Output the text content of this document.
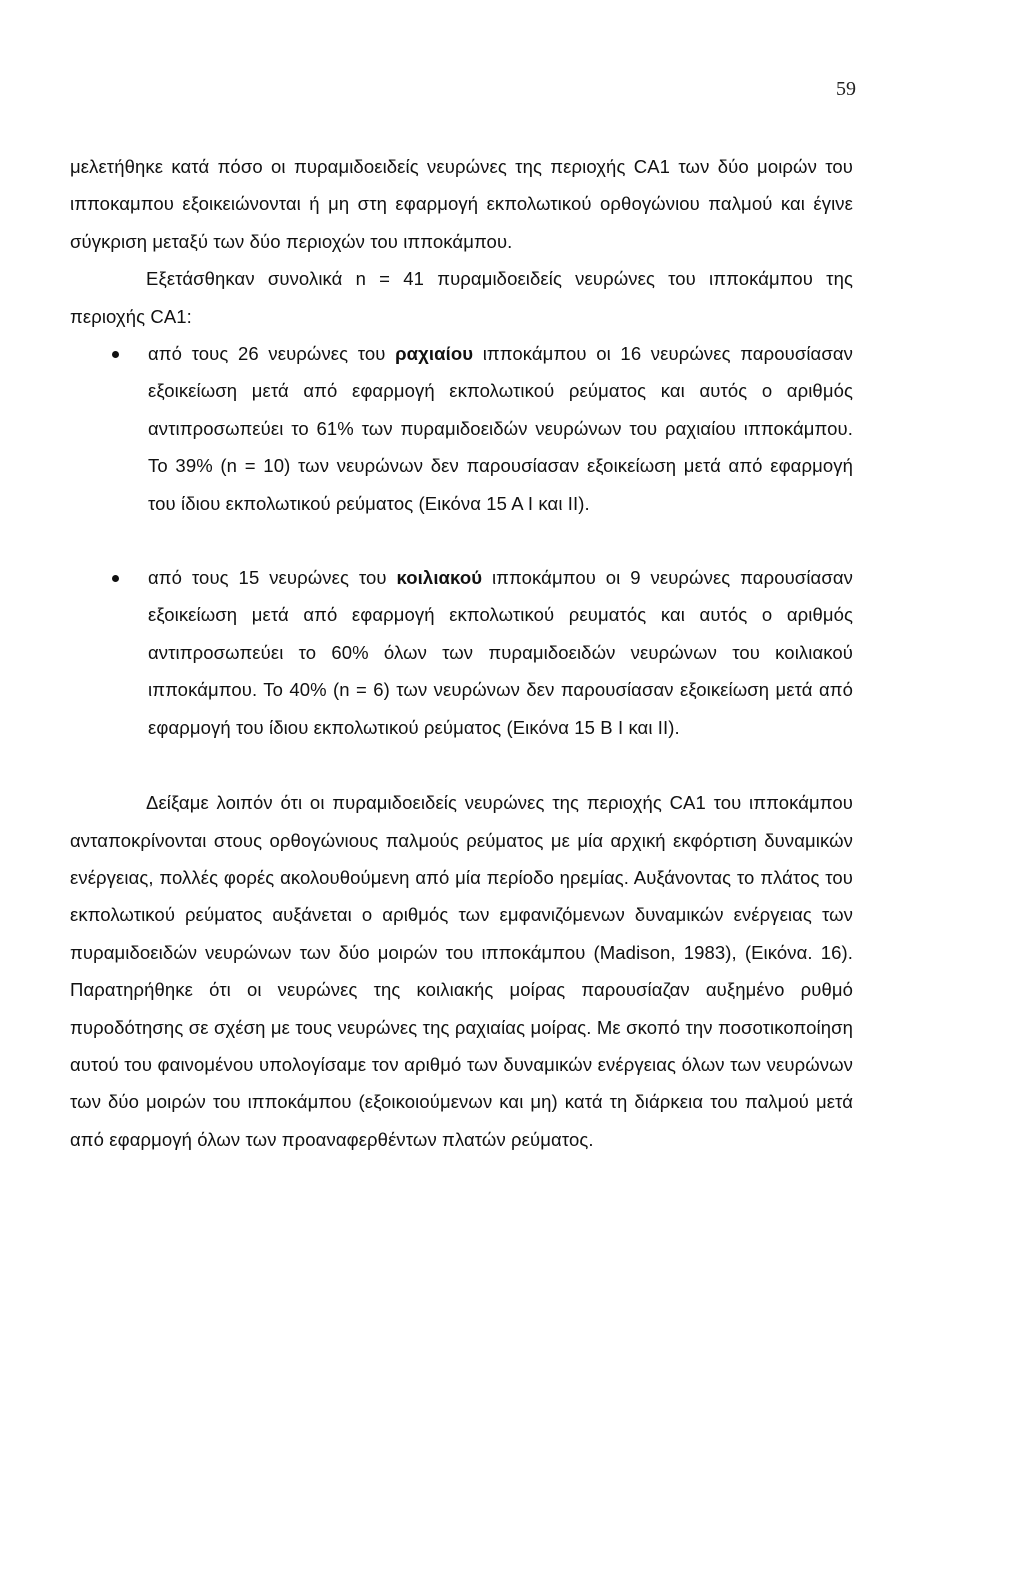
59

μελετήθηκε κατά πόσο οι πυραμιδοειδείς νευρώνες της περιοχής CA1 των δύο μοιρών του ιπποκαμπου εξοικειώνονται ή μη στη εφαρμογή εκπολωτικού ορθογώνιου παλμού και έγινε σύγκριση μεταξύ των δύο περιοχών του ιπποκάμπου.

Εξετάσθηκαν συνολικά n = 41 πυραμιδοειδείς νευρώνες του ιπποκάμπου της περιοχής CA1:

από τους 26 νευρώνες του ραχιαίου ιπποκάμπου οι 16 νευρώνες παρουσίασαν εξοικείωση μετά από εφαρμογή εκπολωτικού ρεύματος και αυτός ο αριθμός αντιπροσωπεύει το 61% των πυραμιδοειδών νευρώνων του ραχιαίου ιπποκάμπου. Το 39% (n = 10) των νευρώνων δεν παρουσίασαν εξοικείωση μετά από εφαρμογή του ίδιου εκπολωτικού ρεύματος (Εικόνα 15 Α Ι και ΙΙ).
από τους 15 νευρώνες του κοιλιακού ιπποκάμπου οι 9 νευρώνες παρουσίασαν εξοικείωση μετά από εφαρμογή εκπολωτικού ρευματός και αυτός ο αριθμός αντιπροσωπεύει το 60% όλων των πυραμιδοειδών νευρώνων του κοιλιακού ιπποκάμπου. Το 40% (n = 6) των νευρώνων δεν παρουσίασαν εξοικείωση μετά από εφαρμογή του ίδιου εκπολωτικού ρεύματος (Εικόνα 15 Β Ι και ΙΙ).

Δείξαμε λοιπόν ότι οι πυραμιδοειδείς νευρώνες της περιοχής CA1 του ιπποκάμπου ανταποκρίνονται στους ορθογώνιους παλμούς ρεύματος με μία αρχική εκφόρτιση δυναμικών ενέργειας, πολλές φορές ακολουθούμενη από μία περίοδο ηρεμίας. Αυξάνοντας το πλάτος του εκπολωτικού ρεύματος αυξάνεται ο αριθμός των εμφανιζόμενων δυναμικών ενέργειας των πυραμιδοειδών νευρώνων των δύο μοιρών του ιπποκάμπου (Madison, 1983), (Εικόνα. 16). Παρατηρήθηκε ότι οι νευρώνες της κοιλιακής μοίρας παρουσίαζαν αυξημένο ρυθμό πυροδότησης σε σχέση με τους νευρώνες της ραχιαίας μοίρας. Με σκοπό την ποσοτικοποίηση αυτού του φαινομένου υπολογίσαμε τον αριθμό των δυναμικών ενέργειας όλων των νευρώνων των δύο μοιρών του ιπποκάμπου (εξοικοιούμενων και μη) κατά τη διάρκεια του παλμού μετά από εφαρμογή όλων των προαναφερθέντων πλατών ρεύματος.
